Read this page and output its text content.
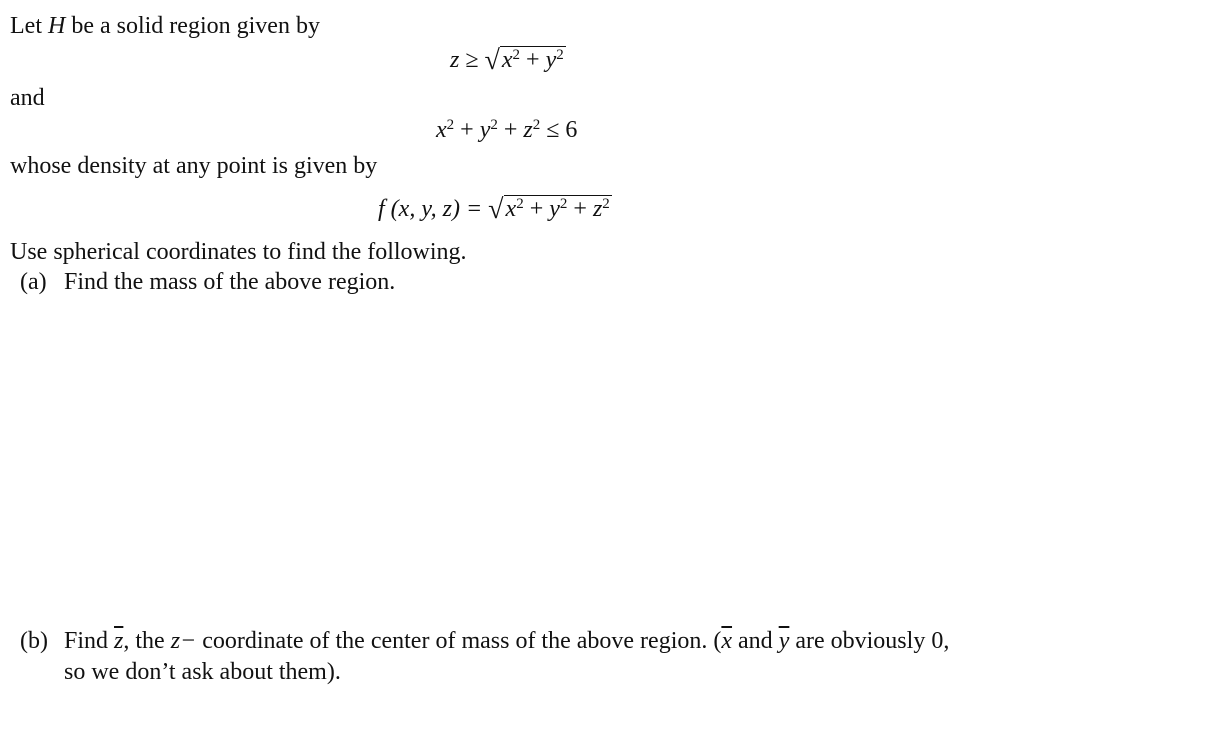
Let H be a solid region given by
$z \ge √x^2 + y^2$
and
$x^2 + y^2 + z^2 \le 6$
whose density at any point is given by
f (x, y, $z) = √x^2 + y^2 + z^2$
Use spherical coordinates to find the following.
(a) Find the mass of the above region.
(b) Find $\overline{z}$, the z− coordinate of the center of mass of the above region. ($\overline{x}$ and $\overline{y}$ are obviously 0,
so we don’t ask about them).
